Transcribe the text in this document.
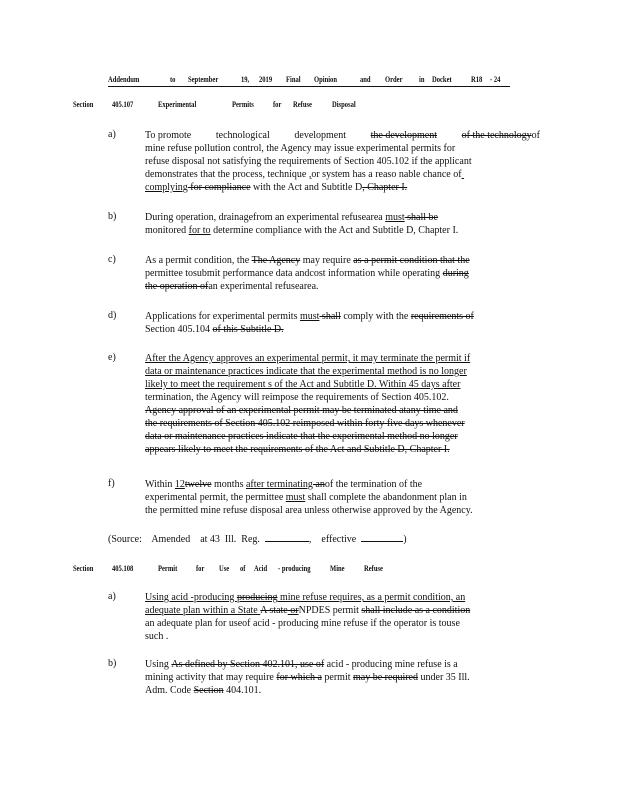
Addendum	to September	19, 2019 Final Opinion	and Order in Docket R18 - 24
Section 405.107	Experimental	Permits for Refuse	Disposal
a)	To promote technological development the development of the technologyof
mine refuse pollution control, the Agency may issue experimental permits for
refuse disposal not satisfying the requirements of Section 405.102 if the applicant
demonstrates that the process, technique , or system has a reaso nable chance of

complying for compliance with the Act and Subtitle D , Chapter I.
b)	During operation, drainage from an experimental refusearea must shall be
monitored for to determine compliance with the Act and Subtitle D, Chapter I.
c)	As a permit condition, the The Agency may require as a permit condition that the
permittee tosubmit performance data andcost information while operating during
the operation of an experimental refusearea.
d)	Applications for experimental permits must shall comply with the requirements of
Section 405.104 of this Subtitle D.
e)	After the Agency approves an experimental permit, it may terminate the permit if
data or maintenance practices indicate that the experimental method is no longer
likely to meet the requirement s of the Act and Subtitle D. Within 45 days after
termination, the Agency will reimpose the requirements of Section 405.102.
Agency approval of an experimental permit may be terminated atany time and
the requirements of Section 405.102 reimposed within forty five days whenever
data or maintenance practices indicate that the experimental method no longer
appears likely to meet the requirements of the Act and Subtitle D, Chapter I.
f)	Within 12 twelve months after terminating an of the termination of the
experimental permit, the permittee must shall complete the abandonment plan in
the permitted mine refuse disposal area unless otherwise approved by the Agency.
(Source:    Amended    at 43  Ill.  Reg.	,    effective	)
Section 405.108	Permit for Use of Acid - producing Mine Refuse
a)	Using acid -producing producing mine refuse requires, as a permit condition, an
adequate plan within a State A state or NPDES permit shall include as a condition
an adequate plan for useof acid - producing mine refuse if the operator is touse
such .
b)	Using As defined by Section 402.101, use of acid - producing mine refuse is a
mining activity that may require for which a permit may be required under 35 Ill.
Adm. Code Section 404.101.
